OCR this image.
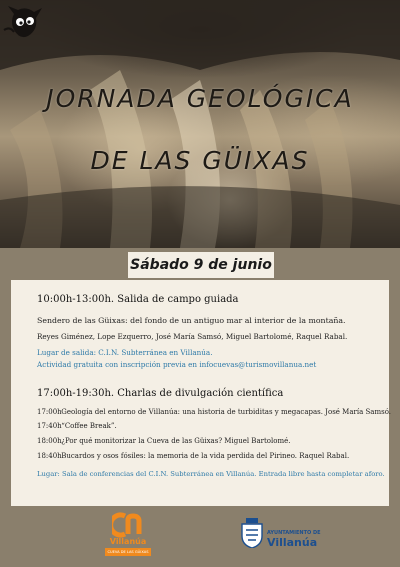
JORNADA GEOLÓGICA
DE LAS GÜIXAS
Sábado 9 de junio
10:00h-13:00h. Salida de campo guiada
Sendero de las Güixas: del fondo de un antiguo mar al interior de la montaña.
Reyes Giménez, Lope Ezquerro, José María Samsó, Miguel Bartolomé, Raquel Rabal.
Lugar de salida: C.I.N. Subterránea en Villanúa.
Actividad gratuita con inscripción previa en infocuevas@turismovillanua.net
17:00h-19:30h. Charlas de divulgación científica
17:00h Geología del entorno de Villanúa: una historia de turbiditas y megacapas. José María Samsó.
17:40h “Coffee Break”.
18:00h ¿Por qué monitorizar la Cueva de las Güixas? Miguel Bartolomé.
18:40h Bucardos y osos fósiles: la memoria de la vida perdida del Pirineo. Raquel Rabal.
Lugar: Sala de conferencias del C.I.N. Subterránea en Villanúa. Entrada libre hasta completar aforo.
Villanúa
CUEVA DE LAS GÜIXAS
AYUNTAMIENTO DE
Villanúa
